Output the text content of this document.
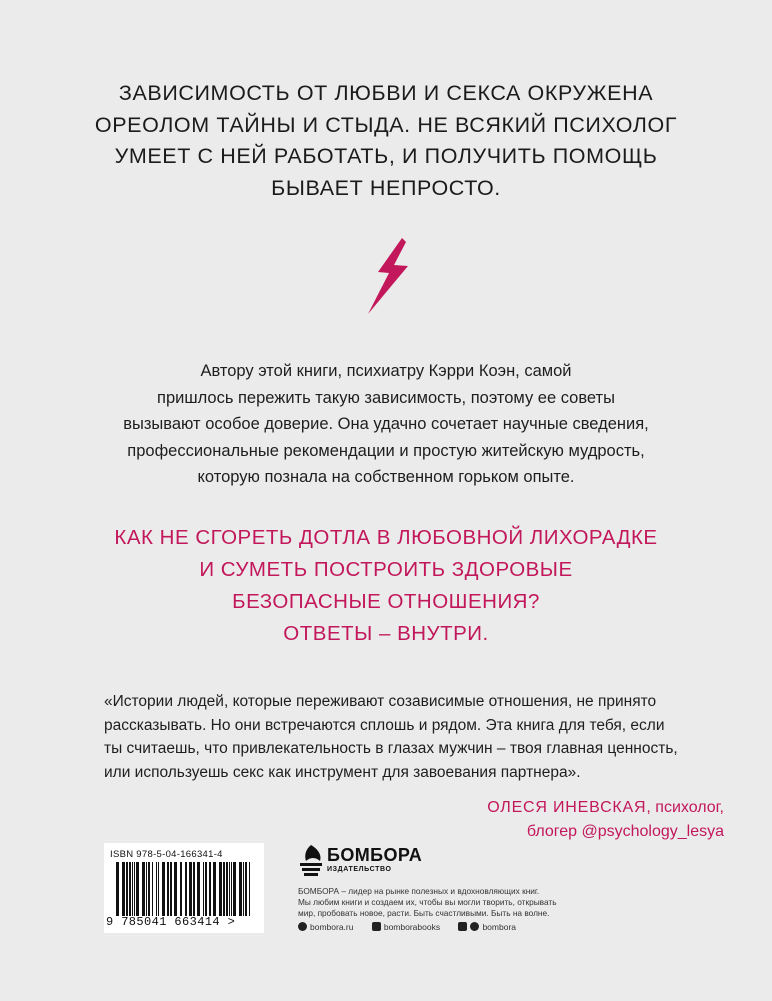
ЗАВИСИМОСТЬ ОТ ЛЮБВИ И СЕКСА ОКРУЖЕНА
ОРЕОЛОМ ТАЙНЫ И СТЫДА. НЕ ВСЯКИЙ ПСИХОЛОГ
УМЕЕТ С НЕЙ РАБОТАТЬ, И ПОЛУЧИТЬ ПОМОЩЬ
БЫВАЕТ НЕПРОСТО.
Автору этой книги, психиатру Кэрри Коэн, самой
пришлось пережить такую зависимость, поэтому ее советы
вызывают особое доверие. Она удачно сочетает научные сведения,
профессиональные рекомендации и простую житейскую мудрость,
которую познала на собственном горьком опыте.
КАК НЕ СГОРЕТЬ ДОТЛА В ЛЮБОВНОЙ ЛИХОРАДКЕ
И СУМЕТЬ ПОСТРОИТЬ ЗДОРОВЫЕ
БЕЗОПАСНЫЕ ОТНОШЕНИЯ?
ОТВЕТЫ – ВНУТРИ.
«Истории людей, которые переживают созависимые отношения, не принято
рассказывать. Но они встречаются сплошь и рядом. Эта книга для тебя, если
ты считаешь, что привлекательность в глазах мужчин – твоя главная ценность,
или используешь секс как инструмент для завоевания партнера».
ОЛЕСЯ ИНЕВСКАЯ, психолог,
блогер @psychology_lesya
ISBN 978-5-04-166341-4
9 785041 663414 >
БОМБОРА
ИЗДАТЕЛЬСТВО
БОМБОРА – лидер на рынке полезных и вдохновляющих книг.
Мы любим книги и создаем их, чтобы вы могли творить, открывать
мир, пробовать новое, расти. Быть счастливыми. Быть на волне.
bombora.ru	bomborabooks	bombora
